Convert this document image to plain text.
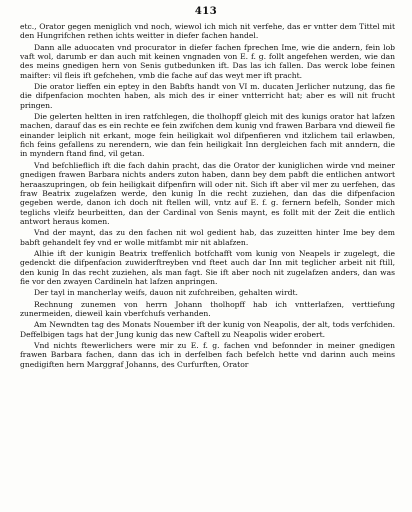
413

etc., Orator gegen meniglich vnd noch, wiewol ich mich nit verfehe, das er vntter dem Tittel mit den Hungrifchen rethen ichts weitter in diefer fachen handel.

Dann alle aduocaten vnd procurator in diefer fachen fprechen Ime, wie die andern, fein lob vaft wol, darumb er dan auch mit keinen vngnaden von E. f. g. follt angefehen werden, wie dan des meins gnedigen hern von Senis gutbedunken ift. Das las ich fallen. Das werck lobe feinen maifter: vil fleis ift gefchehen, vmb die fache auf das weyt mer ift pracht.

Die orator lieffen ein eptey in den Babfts handt von VI m. ducaten Jerlicher nutzung, das fie die difpenfacion mochten haben, als mich des ir einer vntterricht hat; aber es will nit frucht pringen.

Die gelerten heltten in iren ratfchlegen, die tholhopff gleich mit des kunigs orator hat lafzen machen, darauf das es ein rechte ee fein zwifchen dem kunig vnd frawen Barbara vnd dieweil fie einander leiplich nit erkant, moge fein heiligkait wol difpenfieren vnd itzlichem tail erlawben, fich feins gefallens zu nerendern, wie dan fein heiligkait Inn dergleichen fach mit anndern, die in myndern ftand find, vil getan.

Vnd befchlieflich ift die fach dahin pracht, das die Orator der kuniglichen wirde vnd meiner gnedigen frawen Barbara nichts anders zuton haben, dann bey dem pabft die entlichen antwort heraaszupringen, ob fein heiligkait difpenfirn will oder nit. Sich ift aber vil mer zu uerfehen, das fraw Beatrix zugelafzen werde, den kunig In die recht zuziehen, dan das die difpenfacion gegeben werde, danon ich doch nit ftellen will, vntz auf E. f. g. fernern befelh, Sonder mich teglichs vleifz beurbeitten, dan der Cardinal von Senis maynt, es follt mit der Zeit die entlich antwort heraus komen.

Vnd der maynt, das zu den fachen nit wol gedient hab, das zuzeitten hinter Ime bey dem babft gehandelt fey vnd er wolle mitfambt mir nit ablafzen.

Alhie ift der kunigin Beatrix treffenlich botfchafft vom kunig von Neapels ir zugelegt, die gedenckt die difpenfacion zuwiderftreyben vnd fteet auch dar Inn mit teglicher arbeit nit ftill, den kunig In das recht zuziehen, als man fagt. Sie ift aber noch nit zugelafzen anders, dan was fie vor den zwayen Cardineln hat lafzen anpringen.

Der tayl in mancherlay weifs, dauon nit zufchreiben, gehalten wirdt.

Rechnung zunemen von herrn Johann tholhopff hab ich vntterlafzen, verttiefung zunermeiden, dieweil kain vberfchufs verhanden.

Am Newndten tag des Monats Nouember ift der kunig von Neapolis, der alt, tods verfchiden. Deffelbigen tags hat der Jung kunig das new Caftell zu Neapolis wider erobert.

Vnd nichts ftewerlichers were mir zu E. f. g. fachen vnd befonnder in meiner gnedigen frawen Barbara fachen, dann das ich in derfelben fach befelch hette vnd darinn auch meins gnedigiften hern Marggraf Johanns, des Curfurften, Orator
